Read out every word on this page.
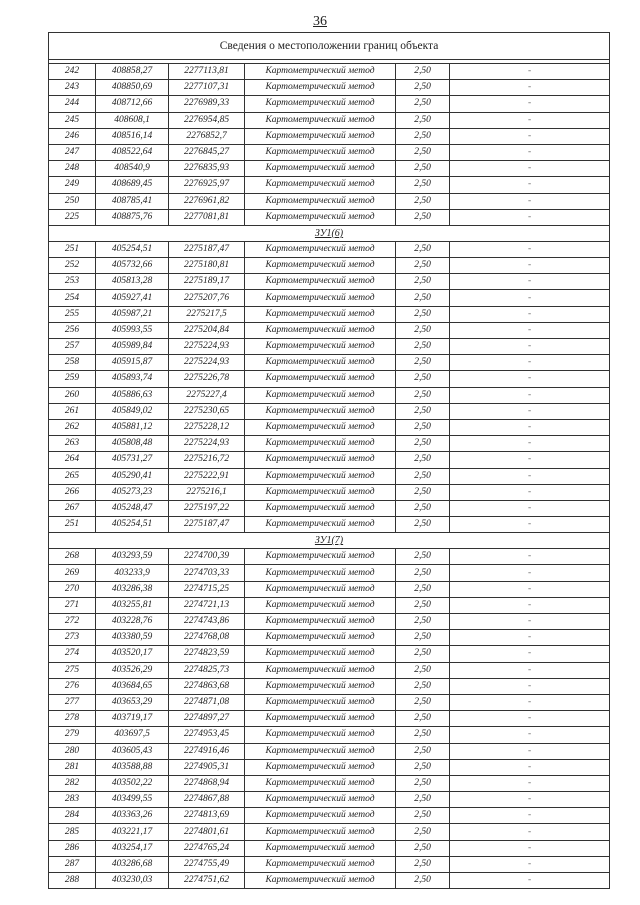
36
Сведения о местоположении границ объекта					

242	408858,27	2277113,81	Картометрический метод	2,50	-
243	408850,69	2277107,31	Картометрический метод	2,50	-
244	408712,66	2276989,33	Картометрический метод	2,50	-
245	408608,1	2276954,85	Картометрический метод	2,50	-
246	408516,14	2276852,7	Картометрический метод	2,50	-
247	408522,64	2276845,27	Картометрический метод	2,50	-
248	408540,9	2276835,93	Картометрический метод	2,50	-
249	408689,45	2276925,97	Картометрический метод	2,50	-
250	408785,41	2276961,82	Картометрический метод	2,50	-
225	408875,76	2277081,81	Картометрический метод	2,50	-
ЗУ1(6)					
251	405254,51	2275187,47	Картометрический метод	2,50	-
252	405732,66	2275180,81	Картометрический метод	2,50	-
253	405813,28	2275189,17	Картометрический метод	2,50	-
254	405927,41	2275207,76	Картометрический метод	2,50	-
255	405987,21	2275217,5	Картометрический метод	2,50	-
256	405993,55	2275204,84	Картометрический метод	2,50	-
257	405989,84	2275224,93	Картометрический метод	2,50	-
258	405915,87	2275224,93	Картометрический метод	2,50	-
259	405893,74	2275226,78	Картометрический метод	2,50	-
260	405886,63	2275227,4	Картометрический метод	2,50	-
261	405849,02	2275230,65	Картометрический метод	2,50	-
262	405881,12	2275228,12	Картометрический метод	2,50	-
263	405808,48	2275224,93	Картометрический метод	2,50	-
264	405731,27	2275216,72	Картометрический метод	2,50	-
265	405290,41	2275222,91	Картометрический метод	2,50	-
266	405273,23	2275216,1	Картометрический метод	2,50	-
267	405248,47	2275197,22	Картометрический метод	2,50	-
251	405254,51	2275187,47	Картометрический метод	2,50	-
ЗУ1(7)					
268	403293,59	2274700,39	Картометрический метод	2,50	-
269	403233,9	2274703,33	Картометрический метод	2,50	-
270	403286,38	2274715,25	Картометрический метод	2,50	-
271	403255,81	2274721,13	Картометрический метод	2,50	-
272	403228,76	2274743,86	Картометрический метод	2,50	-
273	403380,59	2274768,08	Картометрический метод	2,50	-
274	403520,17	2274823,59	Картометрический метод	2,50	-
275	403526,29	2274825,73	Картометрический метод	2,50	-
276	403684,65	2274863,68	Картометрический метод	2,50	-
277	403653,29	2274871,08	Картометрический метод	2,50	-
278	403719,17	2274897,27	Картометрический метод	2,50	-
279	403697,5	2274953,45	Картометрический метод	2,50	-
280	403605,43	2274916,46	Картометрический метод	2,50	-
281	403588,88	2274905,31	Картометрический метод	2,50	-
282	403502,22	2274868,94	Картометрический метод	2,50	-
283	403499,55	2274867,88	Картометрический метод	2,50	-
284	403363,26	2274813,69	Картометрический метод	2,50	-
285	403221,17	2274801,61	Картометрический метод	2,50	-
286	403254,17	2274765,24	Картометрический метод	2,50	-
287	403286,68	2274755,49	Картометрический метод	2,50	-
288	403230,03	2274751,62	Картометрический метод	2,50	-
